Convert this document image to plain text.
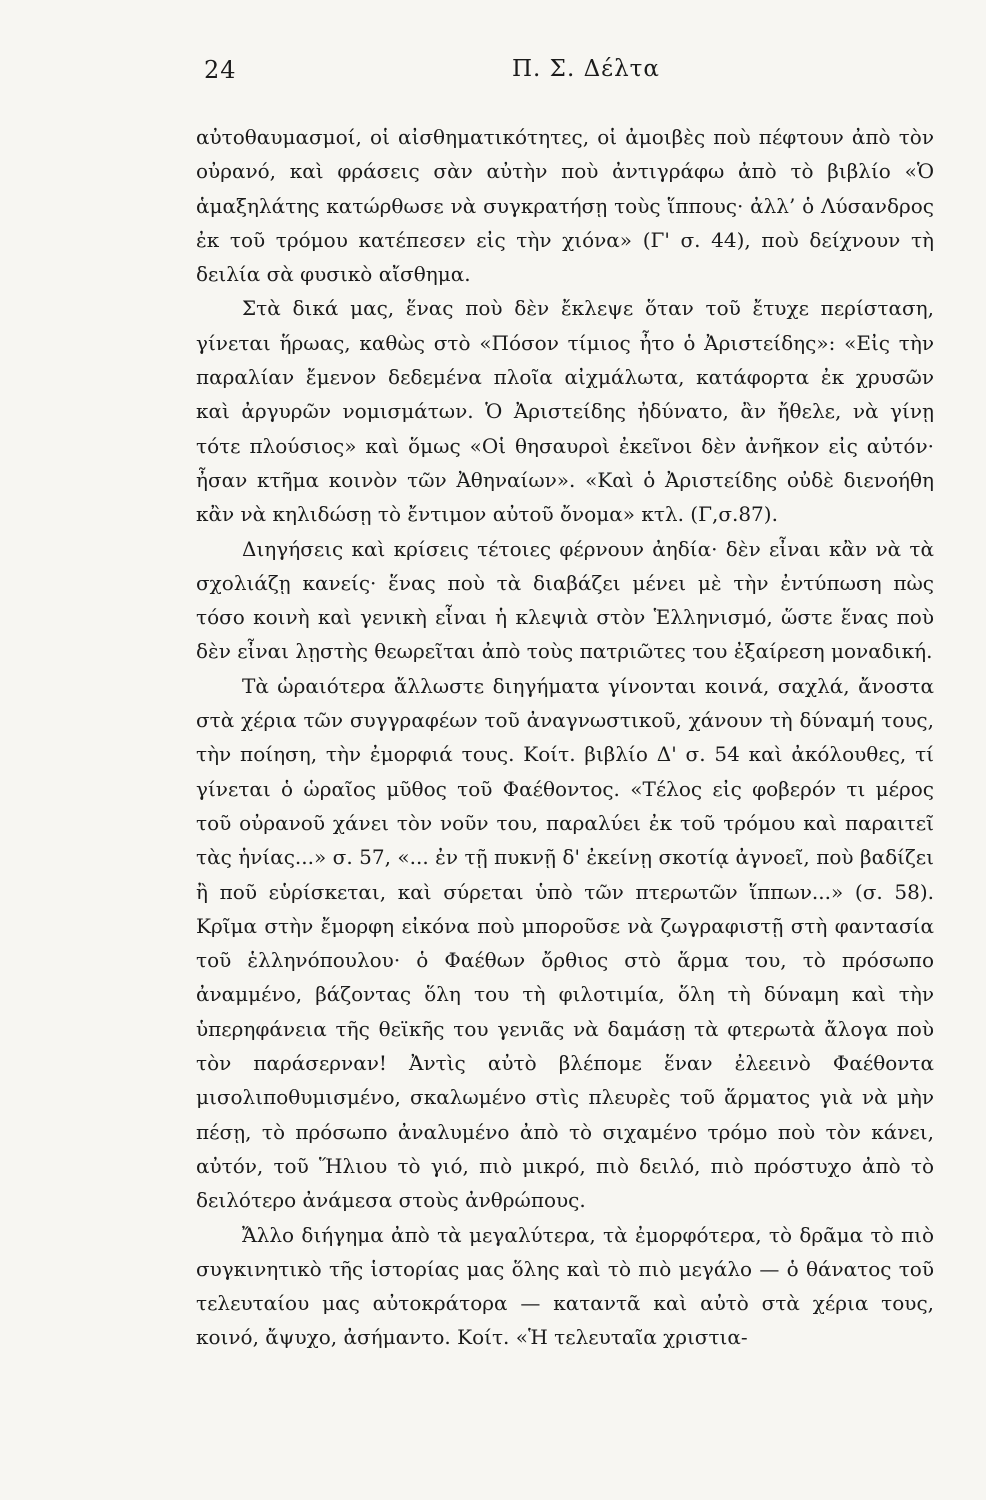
24	Π. Σ. Δέλτα

αὐτοθαυμασμοί, οἱ αἰσθηματικότητες, οἱ ἀμοιβὲς ποὺ πέφτουν ἀπὸ τὸν οὐρανό, καὶ φράσεις σὰν αὐτὴν ποὺ ἀντιγράφω ἀπὸ τὸ βιβλίο «Ὁ ἁμαξηλάτης κατώρθωσε νὰ συγκρατήσῃ τοὺς ἵππους· ἀλλ’ ὁ Λύσανδρος ἐκ τοῦ τρόμου κατέπεσεν εἰς τὴν χιόνα» (Γ' σ. 44), ποὺ δείχνουν τὴ δειλία σὰ φυσικὸ αἴσθημα.

Στὰ δικά μας, ἕνας ποὺ δὲν ἔκλεψε ὅταν τοῦ ἔτυχε περίσταση, γίνεται ἥρωας, καθὼς στὸ «Πόσον τίμιος ἦτο ὁ Ἀριστείδης»: «Εἰς τὴν παραλίαν ἔμενον δεδεμένα πλοῖα αἰχμάλωτα, κατάφορτα ἐκ χρυσῶν καὶ ἀργυρῶν νομισμάτων. Ὁ Ἀριστείδης ἠδύνατο, ἂν ἤθελε, νὰ γίνῃ τότε πλούσιος» καὶ ὅμως «Οἱ θησαυροὶ ἐκεῖνοι δὲν ἀνῆκον εἰς αὐτόν· ἦσαν κτῆμα κοινὸν τῶν Ἀθηναίων». «Καὶ ὁ Ἀριστείδης οὐδὲ διενοήθη κἂν νὰ κηλιδώσῃ τὸ ἔντιμον αὐτοῦ ὄνομα» κτλ. (Γ,σ.87).

Διηγήσεις καὶ κρίσεις τέτοιες φέρνουν ἀηδία· δὲν εἶναι κἂν νὰ τὰ σχολιάζῃ κανείς· ἕνας ποὺ τὰ διαβάζει μένει μὲ τὴν ἐντύπωση πὼς τόσο κοινὴ καὶ γενικὴ εἶναι ἡ κλεψιὰ στὸν Ἑλληνισμό, ὥστε ἕνας ποὺ δὲν εἶναι λῃστὴς θεωρεῖται ἀπὸ τοὺς πατριῶτες του ἐξαίρεση μοναδική.

Τὰ ὡραιότερα ἄλλωστε διηγήματα γίνονται κοινά, σαχλά, ἄνοστα στὰ χέρια τῶν συγγραφέων τοῦ ἀναγνωστικοῦ, χάνουν τὴ δύναμή τους, τὴν ποίηση, τὴν ἐμορφιά τους. Κοίτ. βιβλίο Δ' σ. 54 καὶ ἀκόλουθες, τί γίνεται ὁ ὡραῖος μῦθος τοῦ Φαέθοντος. «Τέλος εἰς φοβερόν τι μέρος τοῦ οὐρανοῦ χάνει τὸν νοῦν του, παραλύει ἐκ τοῦ τρόμου καὶ παραιτεῖ τὰς ἡνίας...» σ. 57, «... ἐν τῇ πυκνῇ δ' ἐκείνῃ σκοτίᾳ ἀγνοεῖ, ποὺ βαδίζει ἢ ποῦ εὑρίσκεται, καὶ σύρεται ὑπὸ τῶν πτερωτῶν ἵππων...» (σ. 58). Κρῖμα στὴν ἔμορφη εἰκόνα ποὺ μποροῦσε νὰ ζωγραφιστῇ στὴ φαντασία τοῦ ἑλληνόπουλου· ὁ Φαέθων ὄρθιος στὸ ἅρμα του, τὸ πρόσωπο ἀναμμένο, βάζοντας ὅλη του τὴ φιλοτιμία, ὅλη τὴ δύναμη καὶ τὴν ὑπερηφάνεια τῆς θεϊκῆς του γενιᾶς νὰ δαμάσῃ τὰ φτερωτὰ ἄλογα ποὺ τὸν παράσερναν! Ἀντὶς αὐτὸ βλέπομε ἕναν ἐλεεινὸ Φαέθοντα μισολιποθυμισμένο, σκαλωμένο στὶς πλευρὲς τοῦ ἅρματος γιὰ νὰ μὴν πέσῃ, τὸ πρόσωπο ἀναλυμένο ἀπὸ τὸ σιχαμένο τρόμο ποὺ τὸν κάνει, αὐτόν, τοῦ Ἥλιου τὸ γιό, πιὸ μικρό, πιὸ δειλό, πιὸ πρόστυχο ἀπὸ τὸ δειλότερο ἀνάμεσα στοὺς ἀνθρώπους.

Ἄλλο διήγημα ἀπὸ τὰ μεγαλύτερα, τὰ ἐμορφότερα, τὸ δρᾶμα τὸ πιὸ συγκινητικὸ τῆς ἱστορίας μας ὅλης καὶ τὸ πιὸ μεγάλο — ὁ θάνατος τοῦ τελευταίου μας αὐτοκράτορα — καταντᾶ καὶ αὐτὸ στὰ χέρια τους, κοινό, ἄψυχο, ἀσήμαντο. Κοίτ. «Ἡ τελευταῖα χριστια-
